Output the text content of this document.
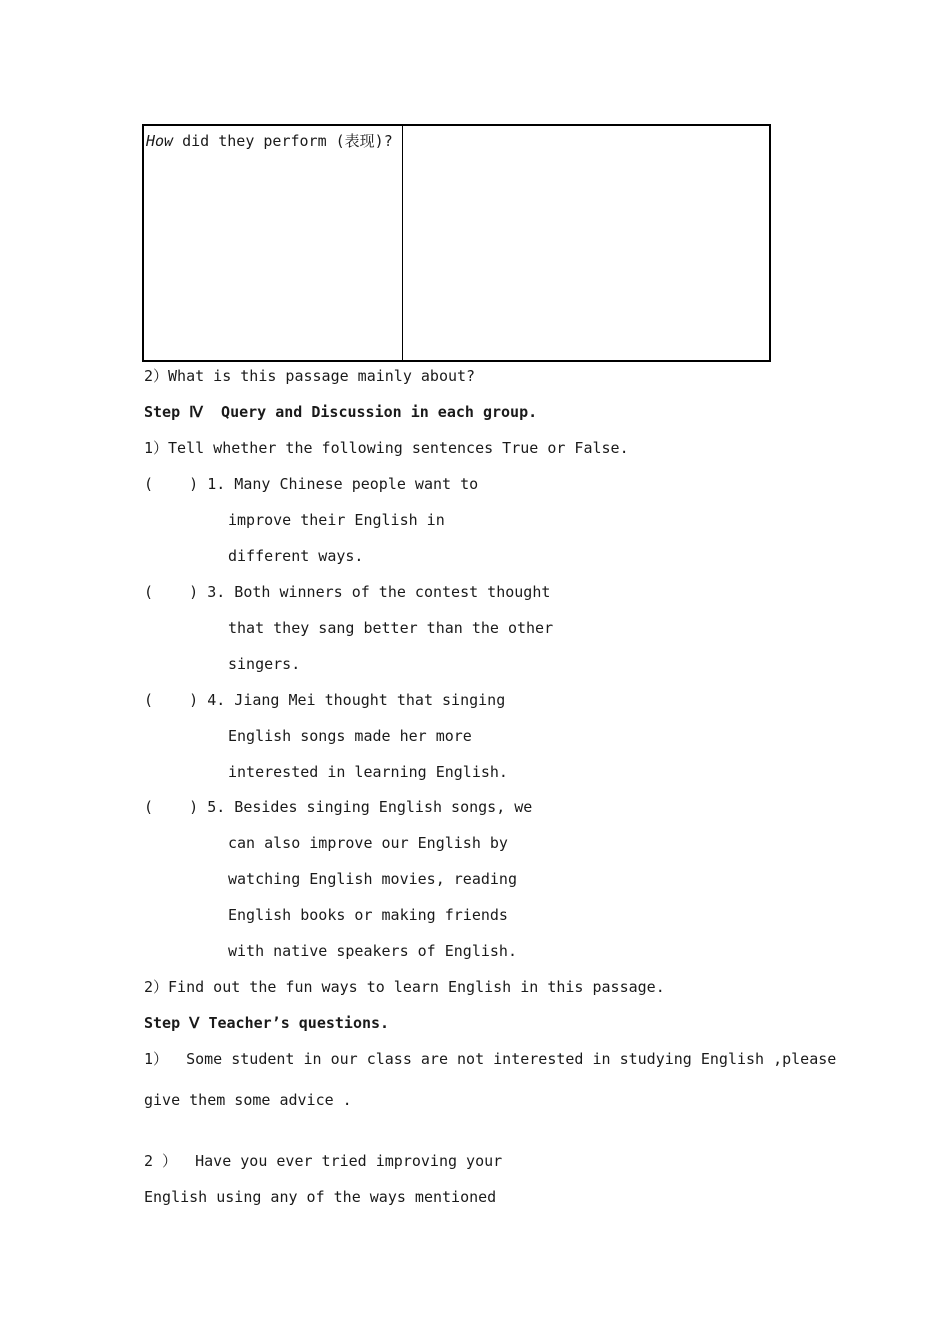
How did they perform (表现)?	
2）What is this passage mainly about?
Step Ⅳ  Query and Discussion in each group.
1）Tell whether the following sentences True or False.
(    ) 1. Many Chinese people want to
improve their English in
different ways.
(    ) 3. Both winners of the contest thought
that they sang better than the other
singers.
(    ) 4. Jiang Mei thought that singing
English songs made her more
interested in learning English.
(    ) 5. Besides singing English songs, we
can also improve our English by
watching English movies, reading
English books or making friends
with native speakers of English.
2）Find out the fun ways to learn English in this passage.
Step Ⅴ Teacher’s questions.
1）  Some student in our class are not interested in studying English ,please
give them some advice .
2 ）  Have you ever tried improving your
English using any of the ways mentioned
